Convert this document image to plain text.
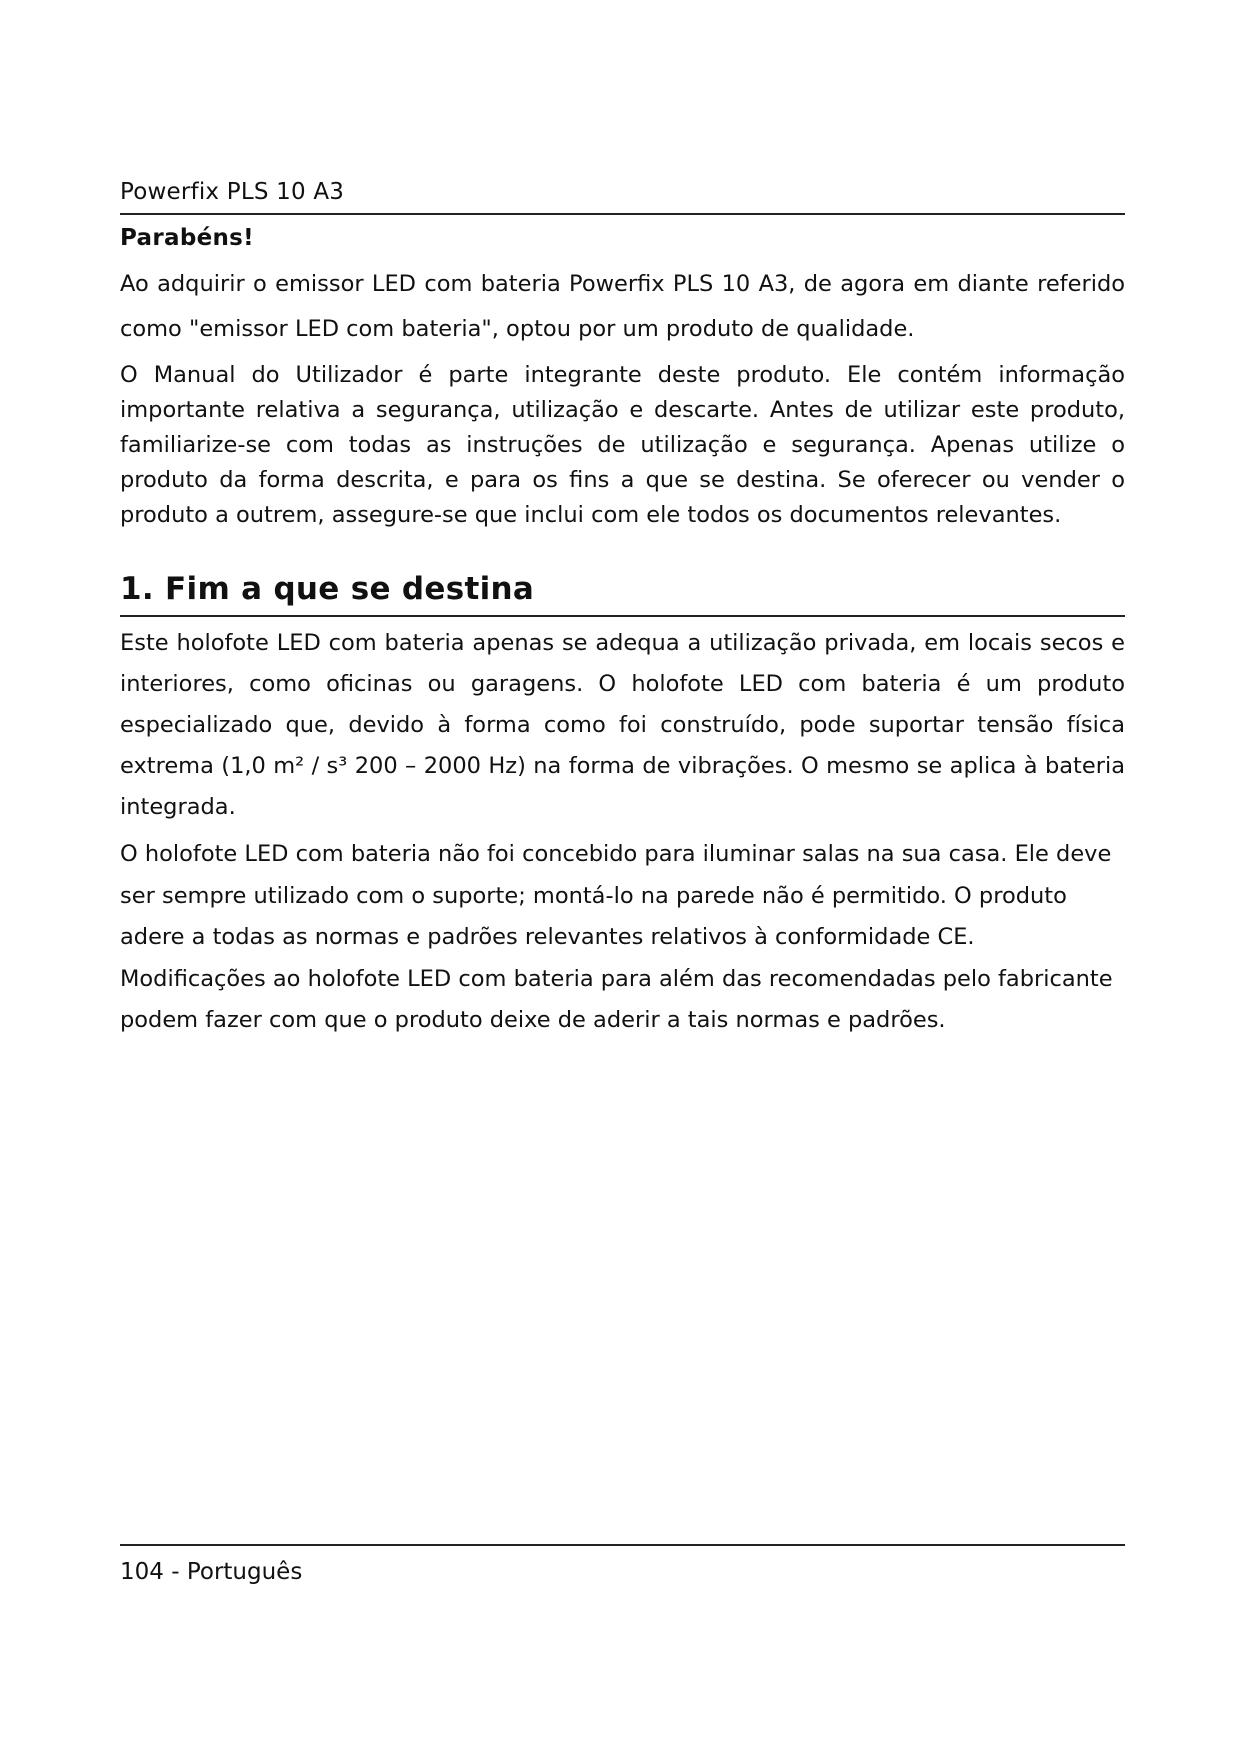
Powerfix PLS 10 A3
Parabéns!

Ao adquirir o emissor LED com bateria Powerfix PLS 10 A3, de agora em diante referido como "emissor LED com bateria", optou por um produto de qualidade.

O Manual do Utilizador é parte integrante deste produto. Ele contém informação importante relativa a segurança, utilização e descarte. Antes de utilizar este produto, familiarize-se com todas as instruções de utilização e segurança. Apenas utilize o produto da forma descrita, e para os fins a que se destina. Se oferecer ou vender o produto a outrem, assegure-se que inclui com ele todos os documentos relevantes.

1. Fim a que se destina

Este holofote LED com bateria apenas se adequa a utilização privada, em locais secos e interiores, como oficinas ou garagens. O holofote LED com bateria é um produto especializado que, devido à forma como foi construído, pode suportar tensão física extrema (1,0 m² / s³ 200 – 2000 Hz) na forma de vibrações. O mesmo se aplica à bateria integrada.

O holofote LED com bateria não foi concebido para iluminar salas na sua casa. Ele deve ser sempre utilizado com o suporte; montá-lo na parede não é permitido. O produto adere a todas as normas e padrões relevantes relativos à conformidade CE. Modificações ao holofote LED com bateria para além das recomendadas pelo fabricante podem fazer com que o produto deixe de aderir a tais normas e padrões.

104 - Português
